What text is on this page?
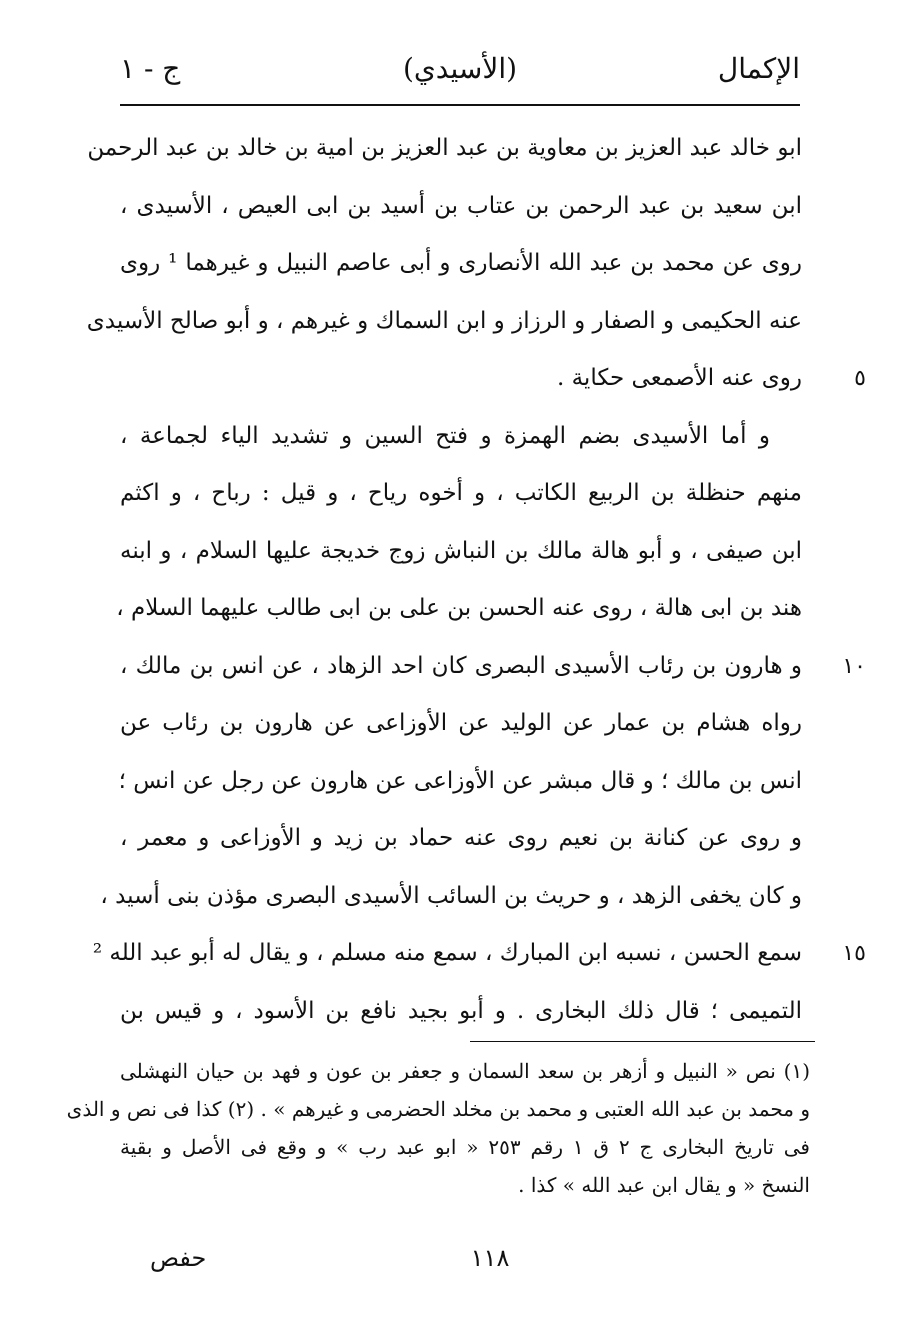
الإكمال
(الأسيدي)
ج - ١
ابو خالد عبد العزيز بن معاوية بن عبد العزيز بن امية بن خالد بن عبد الرحمن
ابن سعيد بن عبد الرحمن بن عتاب بن أسيد بن ابى العيص ، الأسيدى ،
روى عن محمد بن عبد الله الأنصارى و أبى عاصم النبيل و غيرهما ¹ روى
عنه الحكيمى و الصفار و الرزاز و ابن السماك و غيرهم ، و أبو صالح الأسيدى
٥
روى عنه الأصمعى حكاية .
و أما الأسيدى بضم الهمزة و فتح السين و تشديد الياء لجماعة ،
منهم حنظلة بن الربيع الكاتب ، و أخوه رياح ، و قيل : رباح ، و اكثم
ابن صيفى ، و أبو هالة مالك بن النباش زوج خديجة عليها السلام ، و ابنه
هند بن ابى هالة ، روى عنه الحسن بن على بن ابى طالب عليهما السلام ،
١٠
و هارون بن رئاب الأسيدى البصرى كان احد الزهاد ، عن انس بن مالك ،
رواه هشام بن عمار عن الوليد عن الأوزاعى عن هارون بن رئاب عن
انس بن مالك ؛ و قال مبشر عن الأوزاعى عن هارون عن رجل عن انس ؛
و روى عن كنانة بن نعيم روى عنه حماد بن زيد و الأوزاعى و معمر ،
و كان يخفى الزهد ، و حريث بن السائب الأسيدى البصرى مؤذن بنى أسيد ،
١٥
سمع الحسن ، نسبه ابن المبارك ، سمع منه مسلم ، و يقال له أبو عبد الله ²
التميمى ؛ قال ذلك البخارى . و أبو بجيد نافع بن الأسود ، و قيس بن
(١) نص « النبيل و أزهر بن سعد السمان و جعفر بن عون و فهد بن حيان النهشلى
و محمد بن عبد الله العتبى و محمد بن مخلد الحضرمى و غيرهم » . (٢) كذا فى نص و الذى
فى تاريخ البخارى ج ٢ ق ١ رقم ٢٥٣ « ابو عبد رب » و وقع فى الأصل و بقية
النسخ « و يقال ابن عبد الله » كذا .
١١٨
حفص
